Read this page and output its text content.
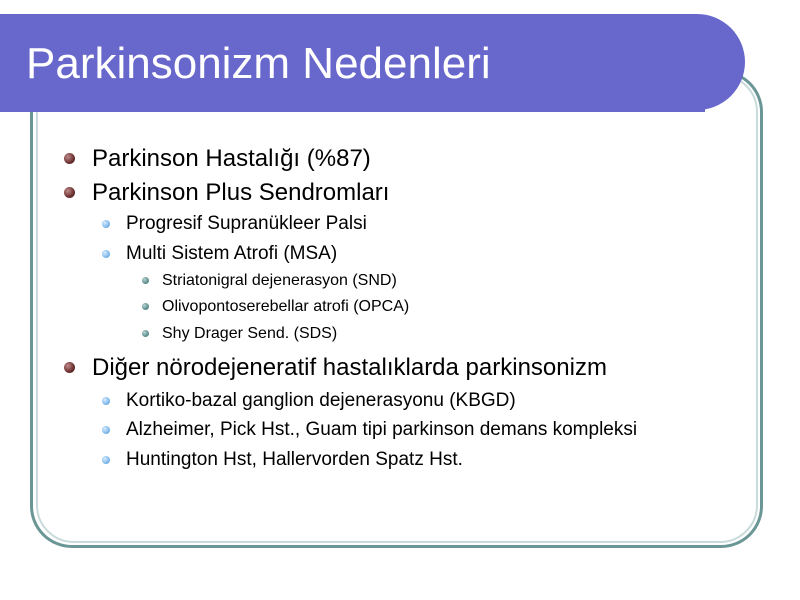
Parkinsonizm Nedenleri
Parkinson Hastalığı (%87)
Parkinson Plus Sendromları
Progresif Supranükleer Palsi
Multi Sistem Atrofi (MSA)
Striatonigral dejenerasyon (SND)
Olivopontoserebellar atrofi (OPCA)
Shy Drager Send. (SDS)
Diğer nörodejeneratif hastalıklarda parkinsonizm
Kortiko-bazal ganglion dejenerasyonu (KBGD)
Alzheimer, Pick Hst., Guam tipi parkinson demans kompleksi
Huntington Hst, Hallervorden Spatz Hst.
